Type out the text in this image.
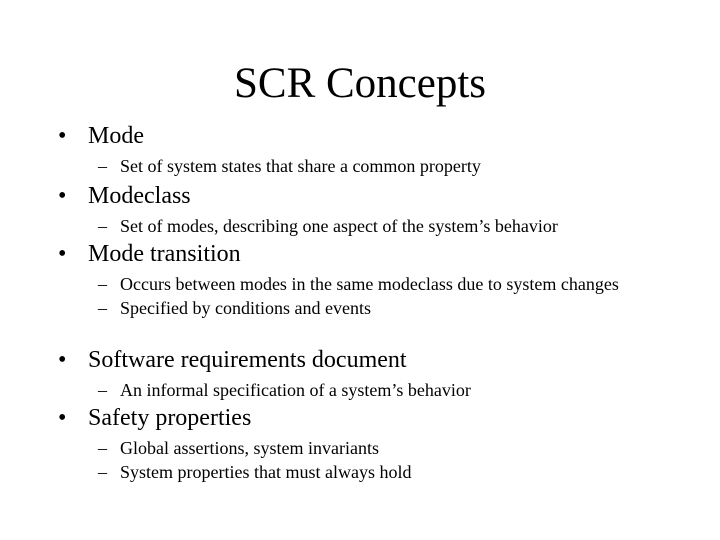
SCR Concepts
• Mode
– Set of system states that share a common property
• Modeclass
– Set of modes, describing one aspect of the system’s behavior
• Mode transition
– Occurs between modes in the same modeclass due to system changes
– Specified by conditions and events
• Software requirements document
– An informal specification of a system’s behavior
• Safety properties
– Global assertions, system invariants
– System properties that must always hold
